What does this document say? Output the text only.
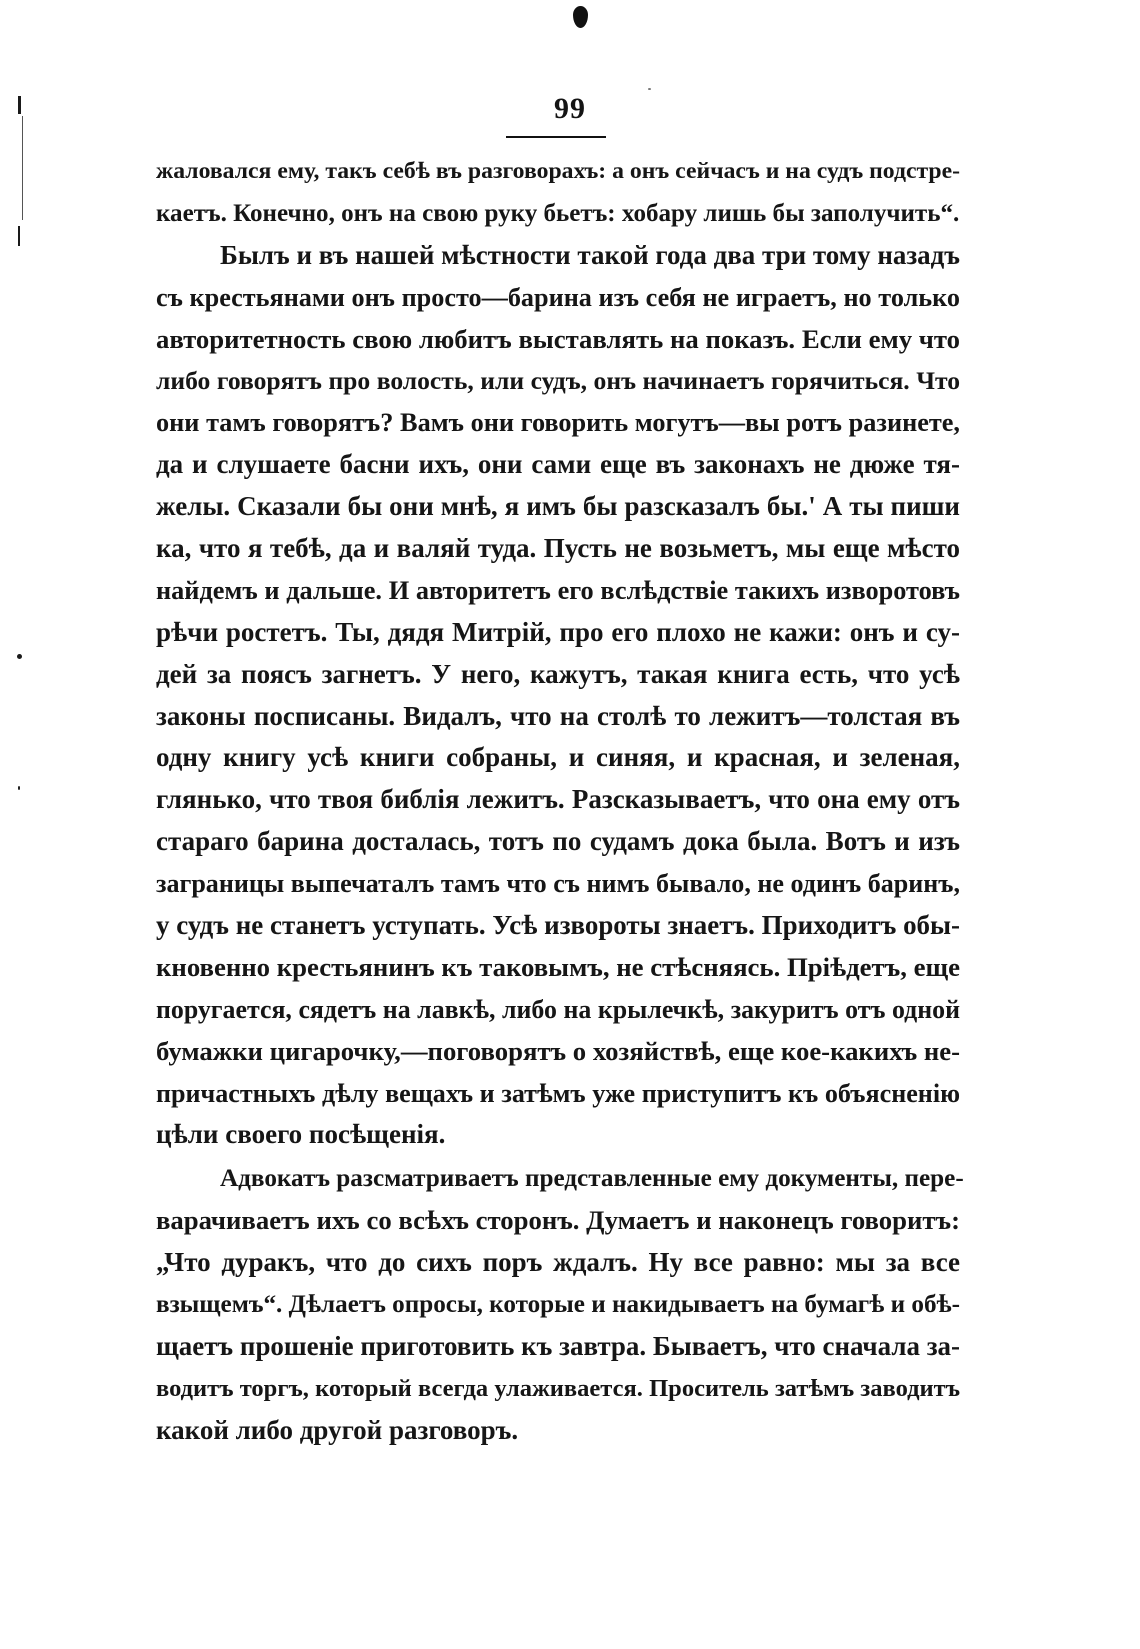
99
жаловался ему, такъ себѣ въ разговорахъ: а онъ сейчасъ и на судъ подстре-
каетъ. Конечно, онъ на свою руку бьетъ: хобару лишь бы заполучить“.
Былъ и въ нашей мѣстности такой года два три тому назадъ
съ крестьянами онъ просто—барина изъ себя не играетъ, но только
авторитетность свою любитъ выставлять на показъ. Если ему что
либо говорятъ про волость, или судъ, онъ начинаетъ горячиться. Что
они тамъ говорятъ? Вамъ они говорить могутъ—вы ротъ разинете,
да и слушаете басни ихъ, они сами еще въ законахъ не дюже тя-
желы. Сказали бы они мнѣ, я имъ бы разсказалъ бы.' А ты пиши
ка, что я тебѣ, да и валяй туда. Пусть не возьметъ, мы еще мѣсто
найдемъ и дальше. И авторитетъ его вслѣдствіе такихъ изворотовъ
рѣчи ростетъ. Ты, дядя Митрій, про его плохо не кажи: онъ и су-
дей за поясъ загнетъ. У него, кажутъ, такая книга есть, что усѣ
законы посписаны. Видалъ, что на столѣ то лежитъ—толстая въ
одну книгу усѣ книги собраны, и синяя, и красная, и зеленая,
глянько, что твоя библія лежитъ. Разсказываетъ, что она ему отъ
стараго барина досталась, тотъ по судамъ дока была. Вотъ и изъ
заграницы выпечаталъ тамъ что съ нимъ бывало, не одинъ баринъ,
у судъ не станетъ уступать. Усѣ извороты знаетъ. Приходитъ обы-
кновенно крестьянинъ къ таковымъ, не стѣсняясь. Пріѣдетъ, еще
поругается, сядетъ на лавкѣ, либо на крылечкѣ, закуритъ отъ одной
бумажки цигарочку,—поговорятъ о хозяйствѣ, еще кое-какихъ не-
причастныхъ дѣлу вещахъ и затѣмъ уже приступитъ къ объясненію
цѣли своего посѣщенія.
Адвокатъ разсматриваетъ представленные ему документы, пере-
варачиваетъ ихъ со всѣхъ сторонъ. Думаетъ и наконецъ говоритъ:
„Что дуракъ, что до сихъ поръ ждалъ. Ну все равно: мы за все
взыщемъ“. Дѣлаетъ опросы, которые и накидываетъ на бумагѣ и обѣ-
щаетъ прошеніе приготовить къ завтра. Бываетъ, что сначала за-
водитъ торгъ, который всегда улаживается. Проситель затѣмъ заводитъ
какой либо другой разговоръ.
